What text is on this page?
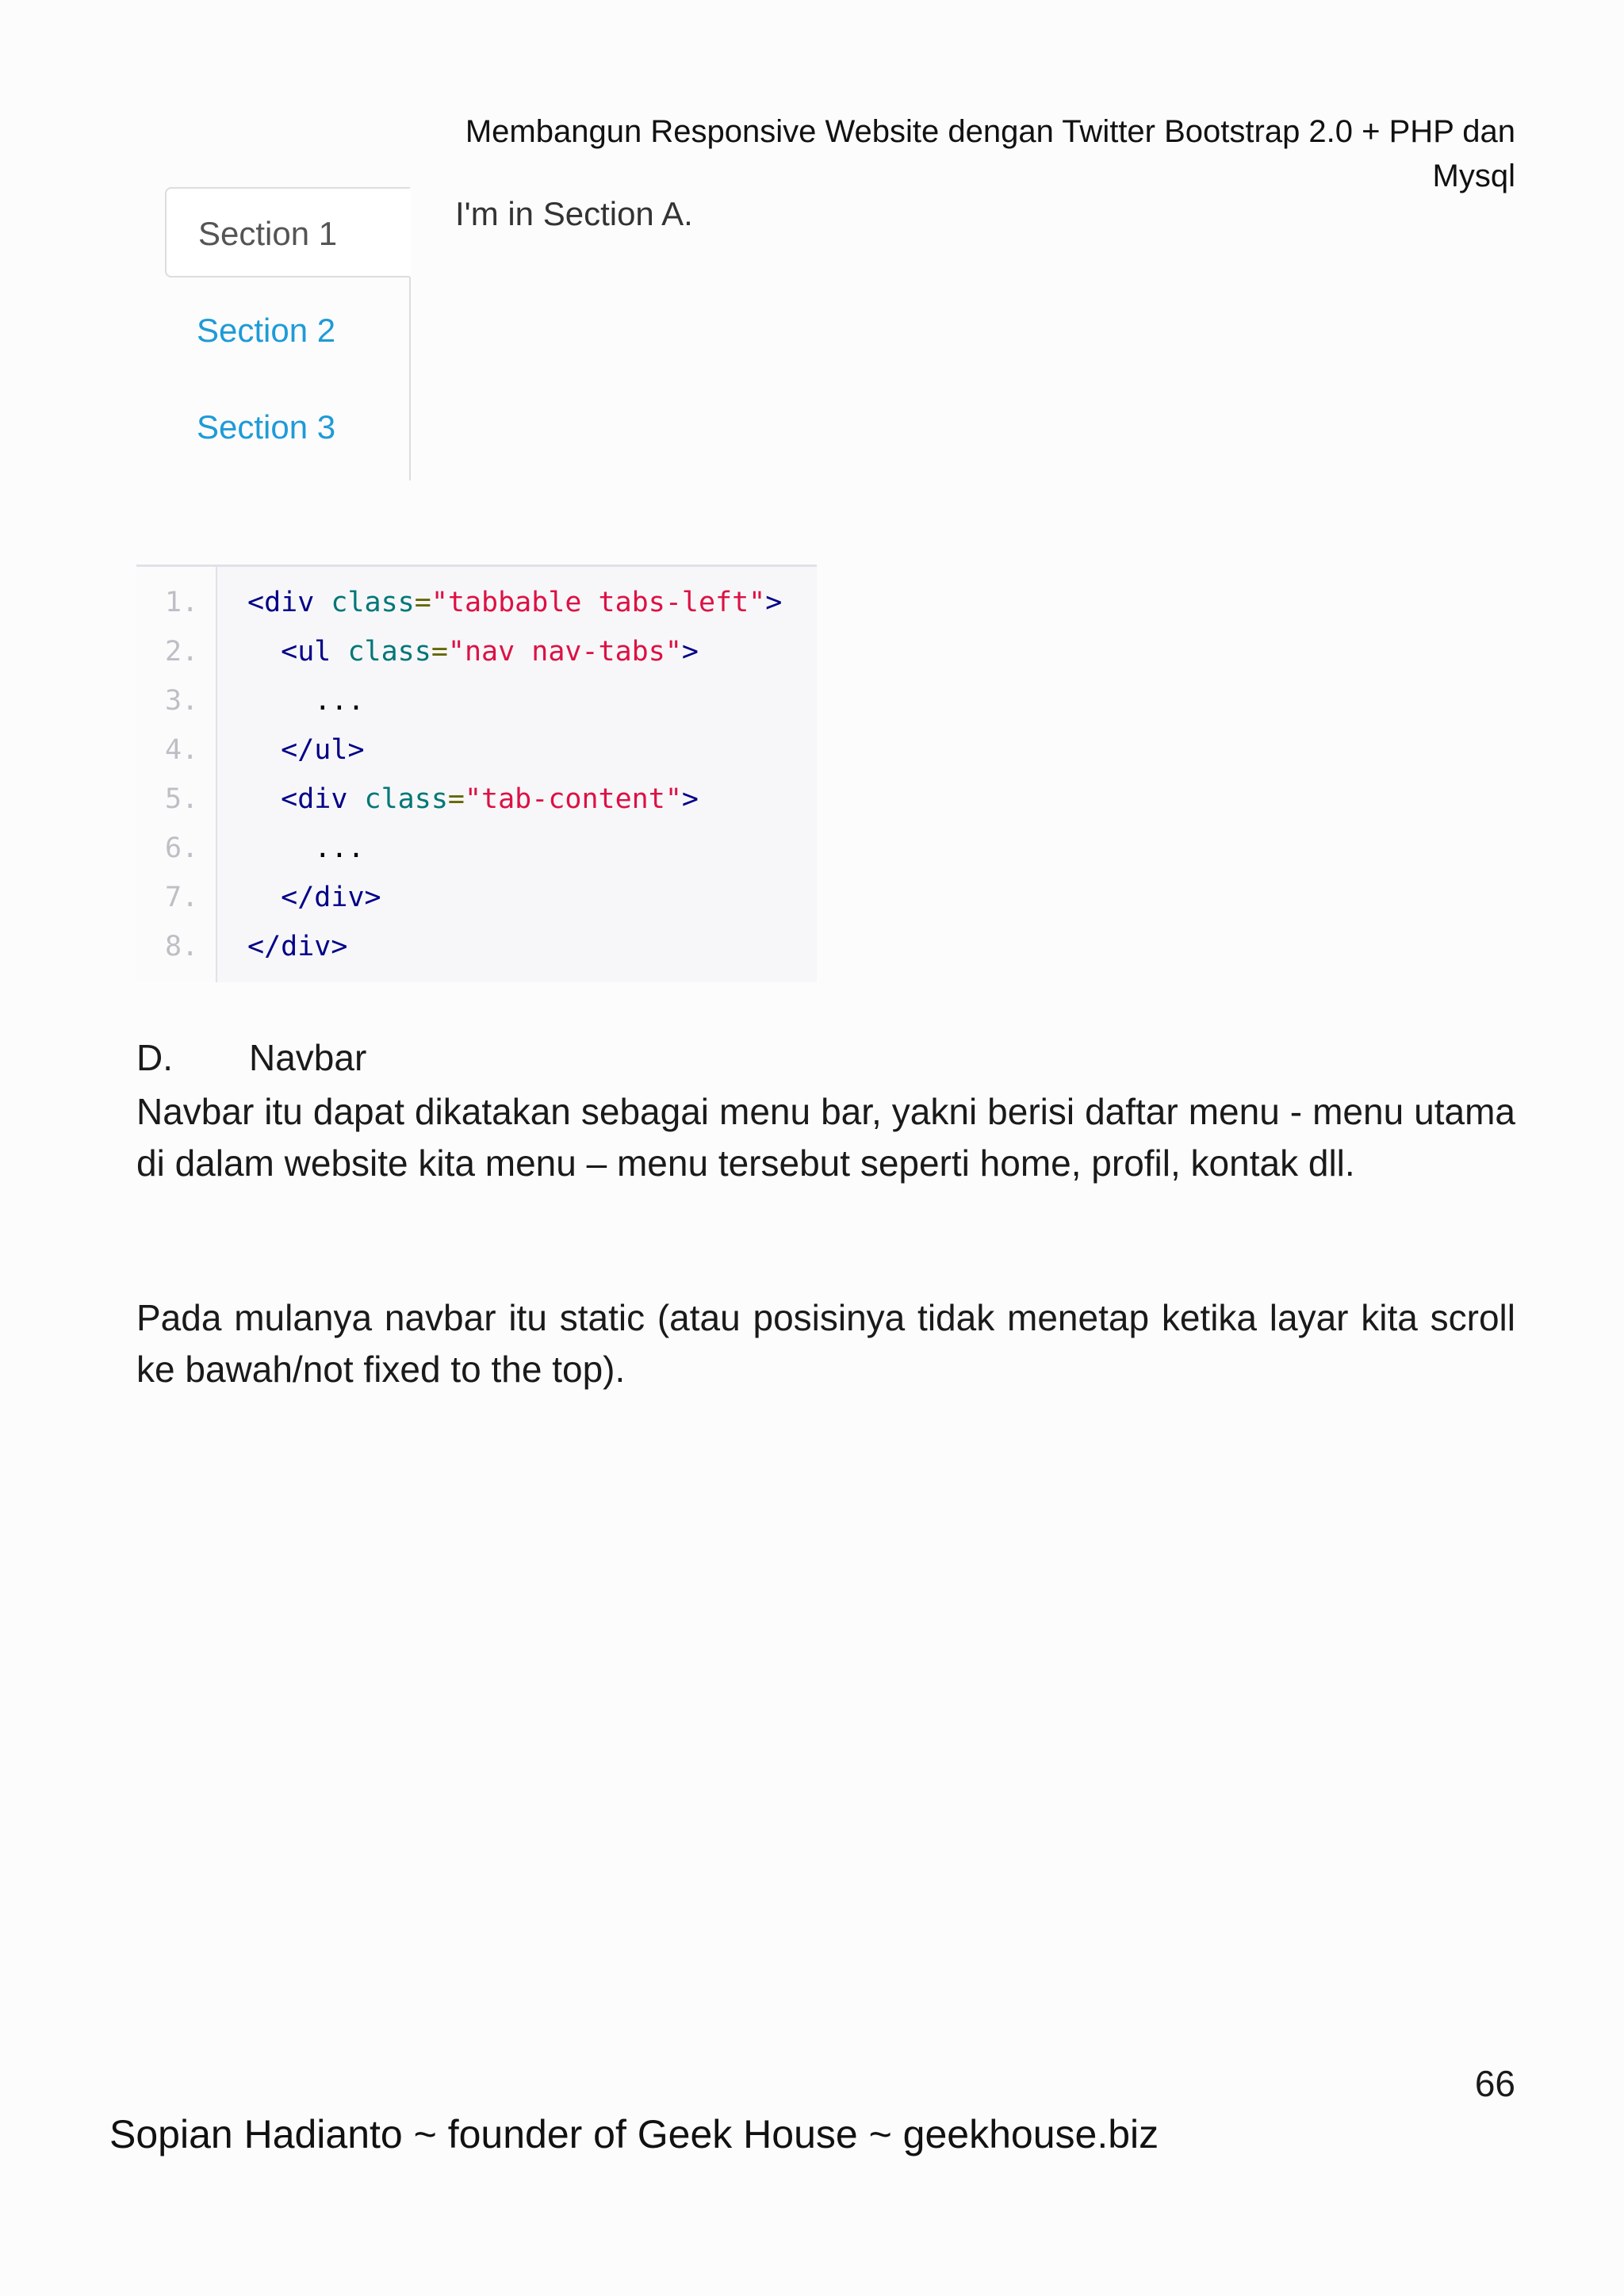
Membangun Responsive Website dengan Twitter Bootstrap 2.0 + PHP dan Mysql
Section 1
Section 2
Section 3
I'm in Section A.
1. <div class="tabbable tabs-left">
2.	<ul class="nav nav-tabs">
3.	...
4.	</ul>
5.	<div class="tab-content">
6.	...
7.	</div>
8. </div>
D. Navbar
Navbar itu dapat dikatakan sebagai menu bar, yakni berisi daftar menu - menu utama di dalam website kita menu – menu tersebut seperti home, profil, kontak dll.
Pada mulanya navbar itu static (atau posisinya tidak menetap ketika layar kita scroll ke bawah/not fixed to the top).
66
Sopian Hadianto ~ founder of Geek House ~ geekhouse.biz
